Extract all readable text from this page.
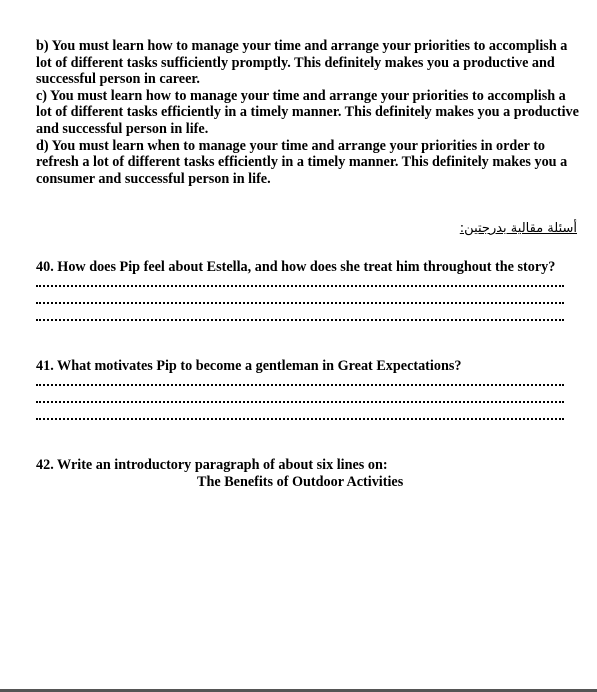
b) You must learn how to manage your time and arrange your priorities to accomplish a lot of different tasks sufficiently promptly. This definitely makes you a productive and successful person in career.

c) You must learn how to manage your time and arrange your priorities to accomplish a lot of different tasks efficiently in a timely manner. This definitely makes you a productive and successful person in life.

d) You must learn when to manage your time and arrange your priorities in order to refresh a lot of different tasks efficiently in a timely manner. This definitely makes you a consumer and successful person in life.

أسئلة مقالية بدرجتين:
40. How does Pip feel about Estella, and how does she treat him throughout the story?
41. What motivates Pip to become a gentleman in Great Expectations?
42. Write an introductory paragraph of about six lines on:
The Benefits of Outdoor Activities
